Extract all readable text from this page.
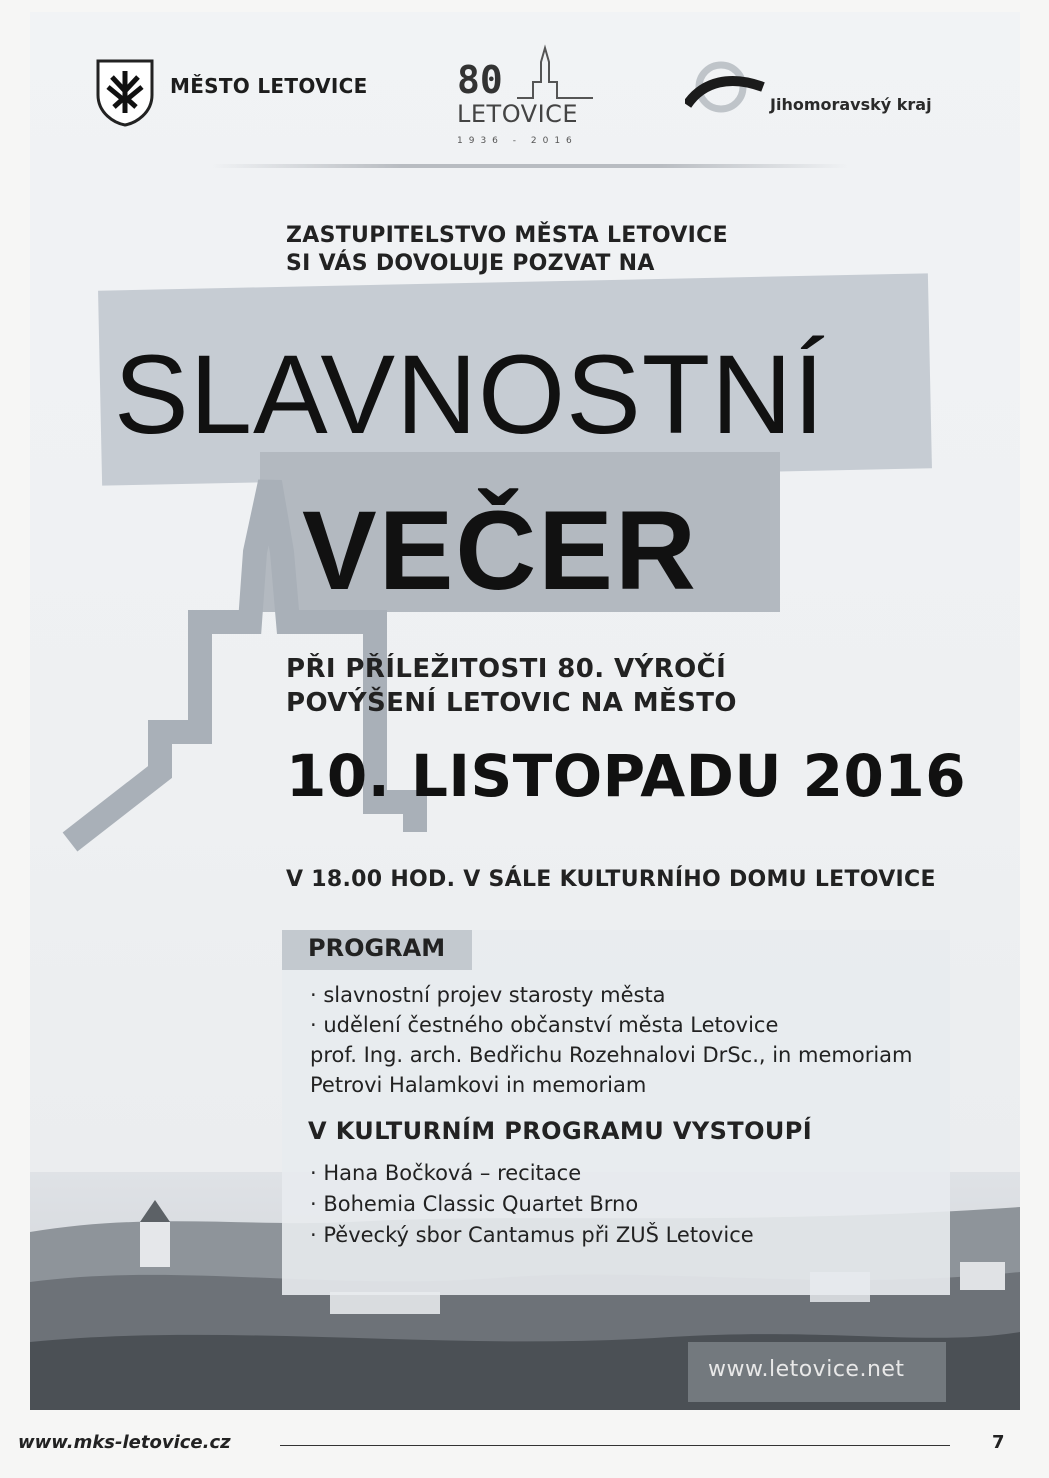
MĚSTO LETOVICE 80
LETOVICE
1936 - 2016
Jihomoravský kraj
ZASTUPITELSTVO MĚSTA LETOVICE
SI VÁS DOVOLUJE POZVAT NA
SLAVNOSTNÍ
VEČER
PŘI PŘÍLEŽITOSTI 80. VÝROČÍ
POVÝŠENÍ LETOVIC NA MĚSTO
10. LISTOPADU 2016
V 18.00 HOD. V SÁLE KULTURNÍHO DOMU LETOVICE
PROGRAM
· slavnostní projev starosty města
· udělení čestného občanství města Letovice
prof. Ing. arch. Bedřichu Rozehnalovi DrSc., in memoriam
Petrovi Halamkovi in memoriam
V KULTURNÍM PROGRAMU VYSTOUPÍ
· Hana Bočková – recitace
· Bohemia Classic Quartet Brno
· Pěvecký sbor Cantamus při ZUŠ Letovice
www.letovice.net
www.mks-letovice.cz	7
